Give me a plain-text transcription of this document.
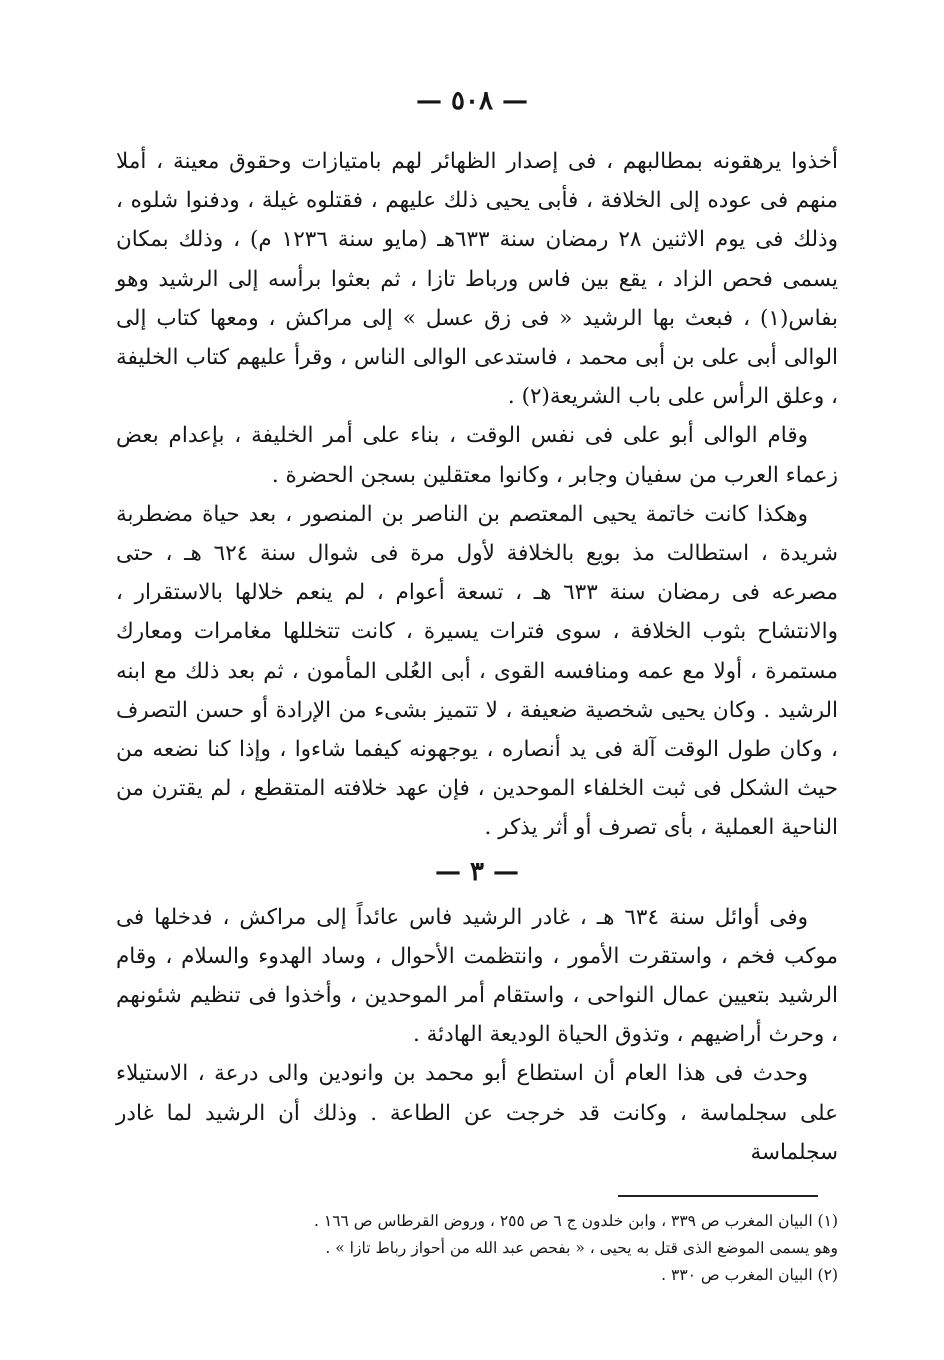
— ٥٠٨ —

أخذوا يرهقونه بمطالبهم ، فى إصدار الظهائر لهم بامتيازات وحقوق معينة ، أملا منهم فى عوده إلى الخلافة ، فأبى يحيى ذلك عليهم ، فقتلوه غيلة ، ودفنوا شلوه ، وذلك فى يوم الاثنين ٢٨ رمضان سنة ٦٣٣هـ (مايو سنة ١٢٣٦ م) ، وذلك بمكان يسمى فحص الزاد ، يقع بين فاس ورباط تازا ، ثم بعثوا برأسه إلى الرشيد وهو بفاس(١) ، فبعث بها الرشيد « فى زق عسل » إلى مراكش ، ومعها كتاب إلى الوالى أبى على بن أبى محمد ، فاستدعى الوالى الناس ، وقرأ عليهم كتاب الخليفة ، وعلق الرأس على باب الشريعة(٢) .

وقام الوالى أبو على فى نفس الوقت ، بناء على أمر الخليفة ، بإعدام بعض زعماء العرب من سفيان وجابر ، وكانوا معتقلين بسجن الحضرة .

وهكذا كانت خاتمة يحيى المعتصم بن الناصر بن المنصور ، بعد حياة مضطربة شريدة ، استطالت مذ بويع بالخلافة لأول مرة فى شوال سنة ٦٢٤ هـ ، حتى مصرعه فى رمضان سنة ٦٣٣ هـ ، تسعة أعوام ، لم ينعم خلالها بالاستقرار ، والانتشاح بثوب الخلافة ، سوى فترات يسيرة ، كانت تتخللها مغامرات ومعارك مستمرة ، أولا مع عمه ومنافسه القوى ، أبى العُلى المأمون ، ثم بعد ذلك مع ابنه الرشيد . وكان يحيى شخصية ضعيفة ، لا تتميز بشىء من الإرادة أو حسن التصرف ، وكان طول الوقت آلة فى يد أنصاره ، يوجهونه كيفما شاءوا ، وإذا كنا نضعه من حيث الشكل فى ثبت الخلفاء الموحدين ، فإن عهد خلافته المتقطع ، لم يقترن من الناحية العملية ، بأى تصرف أو أثر يذكر .

— ٣ —

وفى أوائل سنة ٦٣٤ هـ ، غادر الرشيد فاس عائداً إلى مراكش ، فدخلها فى موكب فخم ، واستقرت الأمور ، وانتظمت الأحوال ، وساد الهدوء والسلام ، وقام الرشيد بتعيين عمال النواحى ، واستقام أمر الموحدين ، وأخذوا فى تنظيم شئونهم ، وحرث أراضيهم ، وتذوق الحياة الوديعة الهادئة .

وحدث فى هذا العام أن استطاع أبو محمد بن وانودين والى درعة ، الاستيلاء على سجلماسة ، وكانت قد خرجت عن الطاعة . وذلك أن الرشيد لما غادر سجلماسة

(١) البيان المغرب ص ٣٣٩ ، وابن خلدون ج ٦ ص ٢٥٥ ، وروض القرطاس ص ١٦٦ .

وهو يسمى الموضع الذى قتل به يحيى ، « بفحص عبد الله من أحواز رباط تازا » .

(٢) البيان المغرب ص ٣٣٠ .
